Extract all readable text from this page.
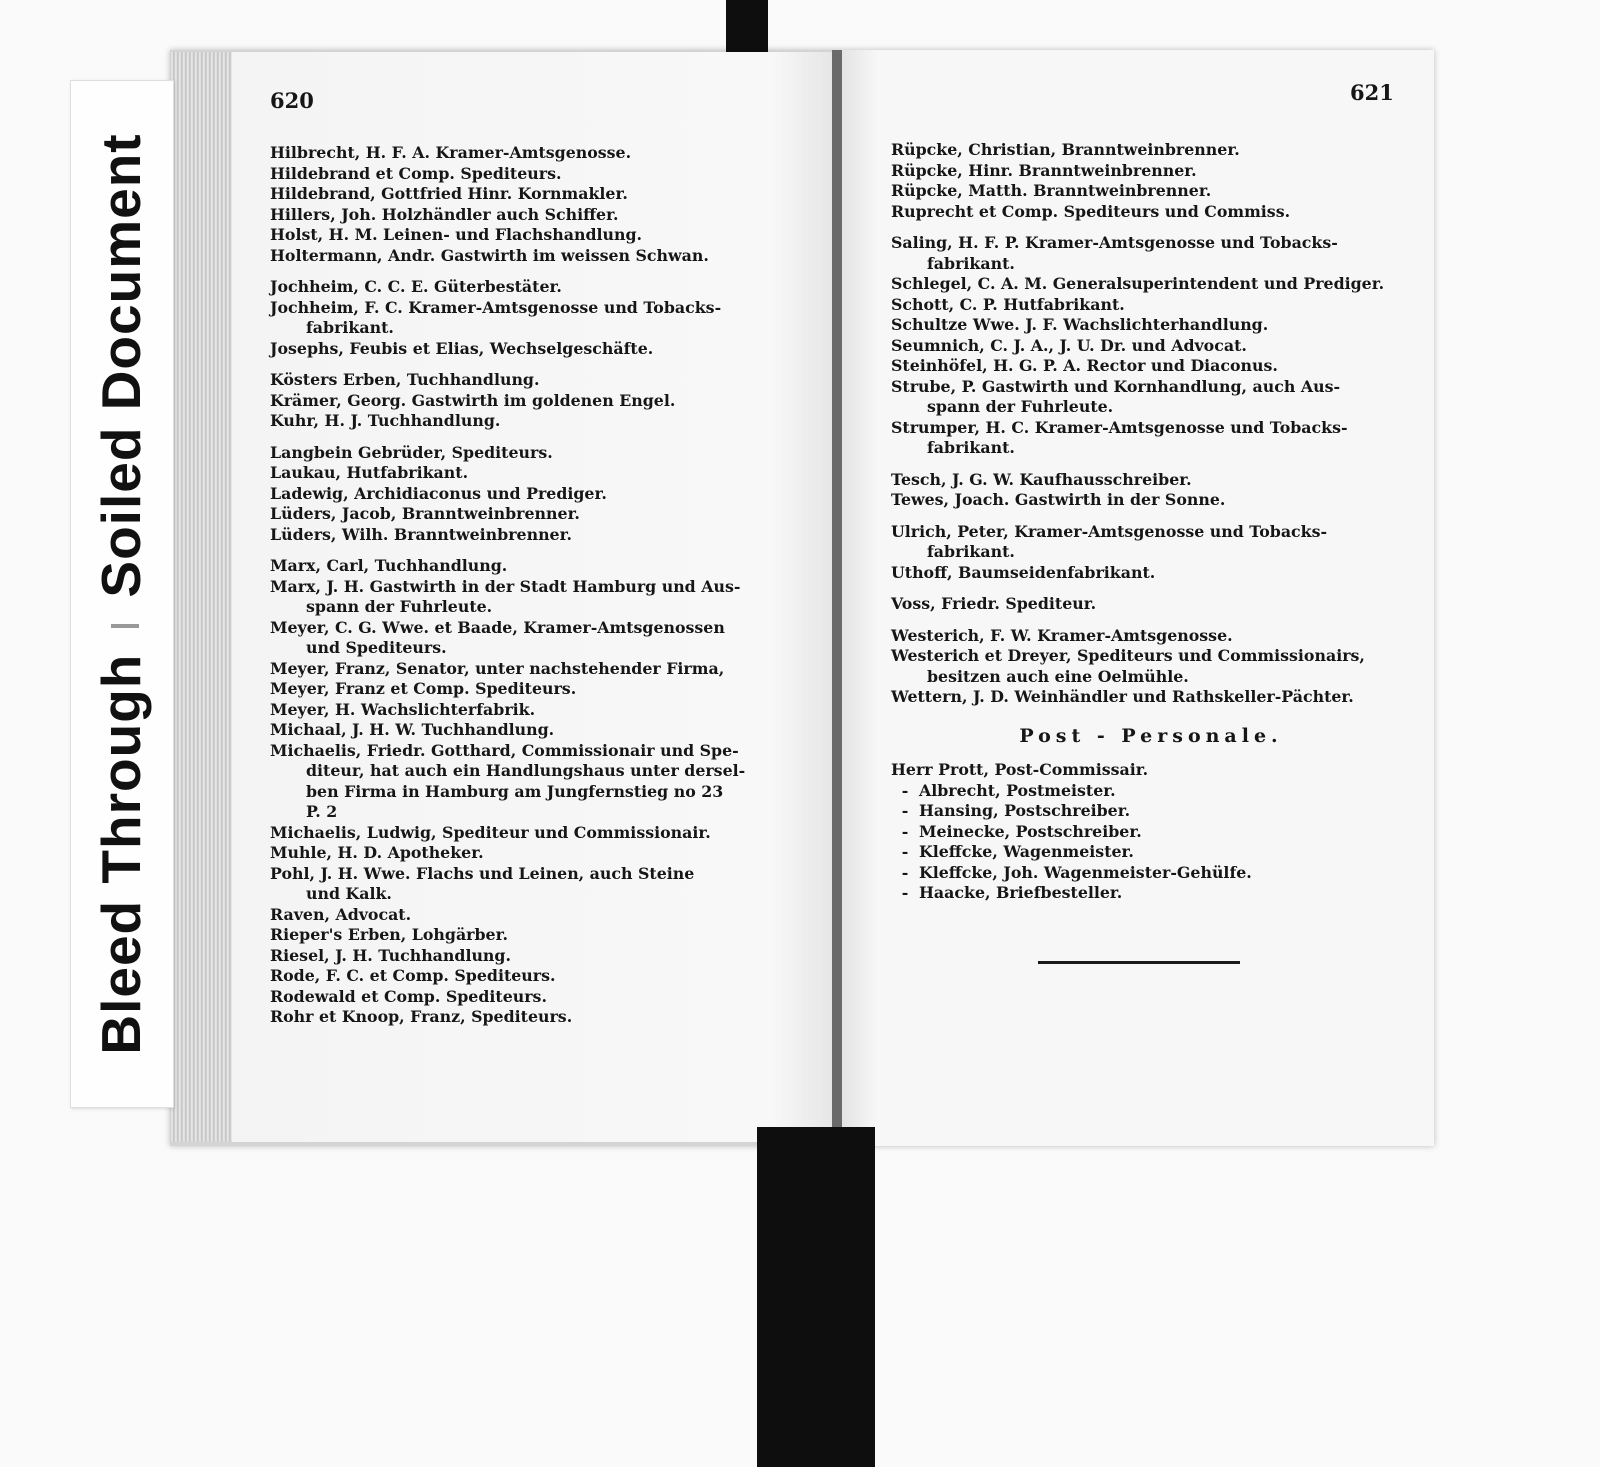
Bleed ThroughSoiled Document
620	621
Hilbrecht, H. F. A. Kramer-Amtsgenosse.
Hildebrand et Comp. Spediteurs.
Hildebrand, Gottfried Hinr. Kornmakler.
Hillers, Joh. Holzhändler auch Schiffer.
Holst, H. M. Leinen- und Flachshandlung.
Holtermann, Andr. Gastwirth im weissen Schwan.
Jochheim, C. C. E. Güterbestäter.
Jochheim, F. C. Kramer-Amtsgenosse und Tobacks-
fabrikant.
Josephs, Feubis et Elias, Wechselgeschäfte.
Kösters Erben, Tuchhandlung.
Krämer, Georg. Gastwirth im goldenen Engel.
Kuhr, H. J. Tuchhandlung.
Langbein Gebrüder, Spediteurs.
Laukau, Hutfabrikant.
Ladewig, Archidiaconus und Prediger.
Lüders, Jacob, Branntweinbrenner.
Lüders, Wilh. Branntweinbrenner.
Marx, Carl, Tuchhandlung.
Marx, J. H. Gastwirth in der Stadt Hamburg und Aus-
spann der Fuhrleute.
Meyer, C. G. Wwe. et Baade, Kramer-Amtsgenossen
und Spediteurs.
Meyer, Franz, Senator, unter nachstehender Firma,
Meyer, Franz et Comp. Spediteurs.
Meyer, H. Wachslichterfabrik.
Michaal, J. H. W. Tuchhandlung.
Michaelis, Friedr. Gotthard, Commissionair und Spe-
diteur, hat auch ein Handlungshaus unter dersel-
ben Firma in Hamburg am Jungfernstieg no 23
P. 2
Michaelis, Ludwig, Spediteur und Commissionair.
Muhle, H. D. Apotheker.
Pohl, J. H. Wwe. Flachs und Leinen, auch Steine
und Kalk.
Raven, Advocat.
Rieper's Erben, Lohgärber.
Riesel, J. H. Tuchhandlung.
Rode, F. C. et Comp. Spediteurs.
Rodewald et Comp. Spediteurs.
Rohr et Knoop, Franz, Spediteurs.
Rüpcke, Christian, Branntweinbrenner.
Rüpcke, Hinr. Branntweinbrenner.
Rüpcke, Matth. Branntweinbrenner.
Ruprecht et Comp. Spediteurs und Commiss.
Saling, H. F. P. Kramer-Amtsgenosse und Tobacks-
fabrikant.
Schlegel, C. A. M. Generalsuperintendent und Prediger.
Schott, C. P. Hutfabrikant.
Schultze Wwe. J. F. Wachslichterhandlung.
Seumnich, C. J. A., J. U. Dr. und Advocat.
Steinhöfel, H. G. P. A. Rector und Diaconus.
Strube, P. Gastwirth und Kornhandlung, auch Aus-
spann der Fuhrleute.
Strumper, H. C. Kramer-Amtsgenosse und Tobacks-
fabrikant.
Tesch, J. G. W. Kaufhausschreiber.
Tewes, Joach. Gastwirth in der Sonne.
Ulrich, Peter, Kramer-Amtsgenosse und Tobacks-
fabrikant.
Uthoff, Baumseidenfabrikant.
Voss, Friedr. Spediteur.
Westerich, F. W. Kramer-Amtsgenosse.
Westerich et Dreyer, Spediteurs und Commissionairs,
besitzen auch eine Oelmühle.
Wettern, J. D. Weinhändler und Rathskeller-Pächter.
Post - Personale.
Herr Prott, Post-Commissair.
- Albrecht, Postmeister.
- Hansing, Postschreiber.
- Meinecke, Postschreiber.
- Kleffcke, Wagenmeister.
- Kleffcke, Joh. Wagenmeister-Gehülfe.
- Haacke, Briefbesteller.
